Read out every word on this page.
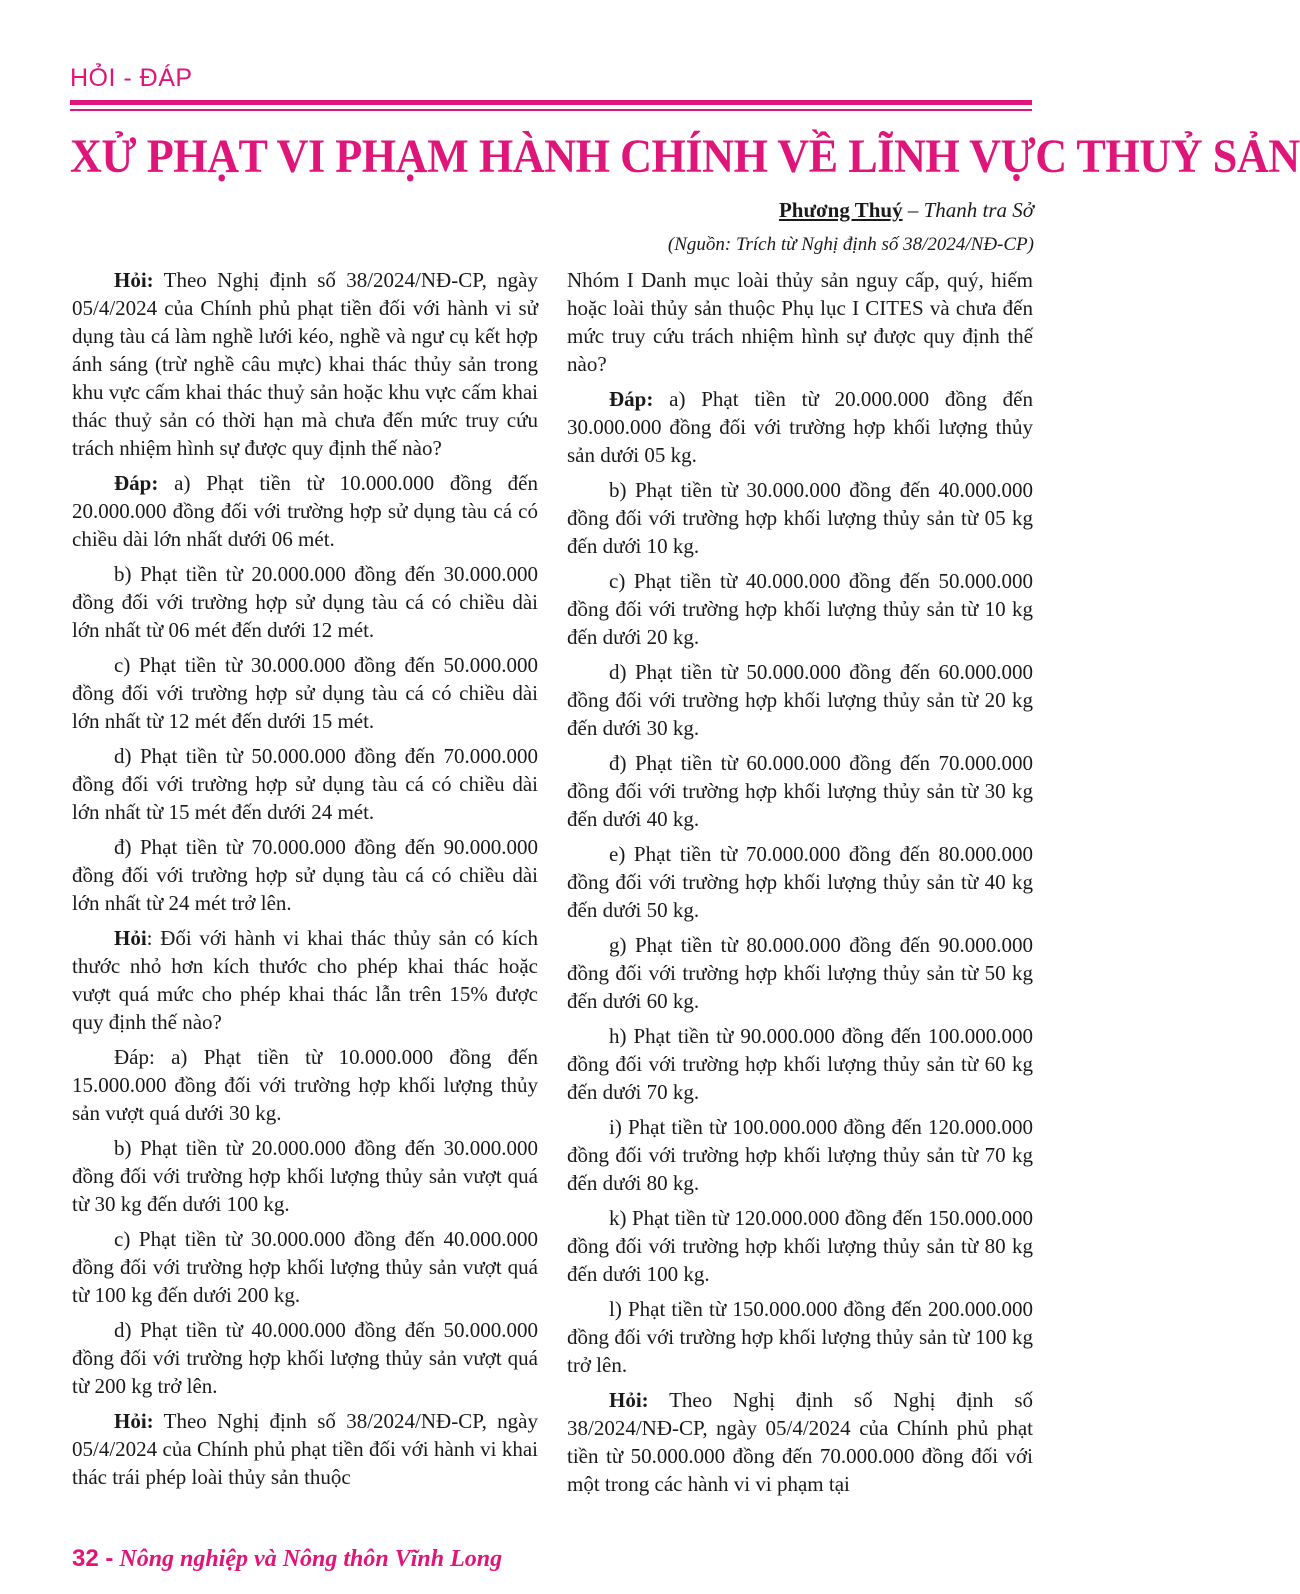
HỎI - ĐÁP
XỬ PHẠT VI PHẠM HÀNH CHÍNH VỀ LĨNH VỰC THUỶ SẢN
Phương Thuý – Thanh tra Sở
(Nguồn: Trích từ Nghị định số 38/2024/NĐ-CP)

Hỏi: Theo Nghị định số 38/2024/NĐ-CP, ngày 05/4/2024 của Chính phủ phạt tiền đối với hành vi sử dụng tàu cá làm nghề lưới kéo, nghề và ngư cụ kết hợp ánh sáng (trừ nghề câu mực) khai thác thủy sản trong khu vực cấm khai thác thuỷ sản hoặc khu vực cấm khai thác thuỷ sản có thời hạn mà chưa đến mức truy cứu trách nhiệm hình sự được quy định thế nào?

Đáp: a) Phạt tiền từ 10.000.000 đồng đến 20.000.000 đồng đối với trường hợp sử dụng tàu cá có chiều dài lớn nhất dưới 06 mét.

b) Phạt tiền từ 20.000.000 đồng đến 30.000.000 đồng đối với trường hợp sử dụng tàu cá có chiều dài lớn nhất từ 06 mét đến dưới 12 mét.

c) Phạt tiền từ 30.000.000 đồng đến 50.000.000 đồng đối với trường hợp sử dụng tàu cá có chiều dài lớn nhất từ 12 mét đến dưới 15 mét.

d) Phạt tiền từ 50.000.000 đồng đến 70.000.000 đồng đối với trường hợp sử dụng tàu cá có chiều dài lớn nhất từ 15 mét đến dưới 24 mét.

đ) Phạt tiền từ 70.000.000 đồng đến 90.000.000 đồng đối với trường hợp sử dụng tàu cá có chiều dài lớn nhất từ 24 mét trở lên.

Hỏi: Đối với hành vi khai thác thủy sản có kích thước nhỏ hơn kích thước cho phép khai thác hoặc vượt quá mức cho phép khai thác lẫn trên 15% được quy định thế nào?

Đáp: a) Phạt tiền từ 10.000.000 đồng đến 15.000.000 đồng đối với trường hợp khối lượng thủy sản vượt quá dưới 30 kg.

b) Phạt tiền từ 20.000.000 đồng đến 30.000.000 đồng đối với trường hợp khối lượng thủy sản vượt quá từ 30 kg đến dưới 100 kg.

c) Phạt tiền từ 30.000.000 đồng đến 40.000.000 đồng đối với trường hợp khối lượng thủy sản vượt quá từ 100 kg đến dưới 200 kg.

d) Phạt tiền từ 40.000.000 đồng đến 50.000.000 đồng đối với trường hợp khối lượng thủy sản vượt quá từ 200 kg trở lên.

Hỏi: Theo Nghị định số 38/2024/NĐ-CP, ngày 05/4/2024 của Chính phủ phạt tiền đối với hành vi khai thác trái phép loài thủy sản thuộc

Nhóm I Danh mục loài thủy sản nguy cấp, quý, hiếm hoặc loài thủy sản thuộc Phụ lục I CITES và chưa đến mức truy cứu trách nhiệm hình sự được quy định thế nào?

Đáp: a) Phạt tiền từ 20.000.000 đồng đến 30.000.000 đồng đối với trường hợp khối lượng thủy sản dưới 05 kg.

b) Phạt tiền từ 30.000.000 đồng đến 40.000.000 đồng đối với trường hợp khối lượng thủy sản từ 05 kg đến dưới 10 kg.

c) Phạt tiền từ 40.000.000 đồng đến 50.000.000 đồng đối với trường hợp khối lượng thủy sản từ 10 kg đến dưới 20 kg.

d) Phạt tiền từ 50.000.000 đồng đến 60.000.000 đồng đối với trường hợp khối lượng thủy sản từ 20 kg đến dưới 30 kg.

đ) Phạt tiền từ 60.000.000 đồng đến 70.000.000 đồng đối với trường hợp khối lượng thủy sản từ 30 kg đến dưới 40 kg.

e) Phạt tiền từ 70.000.000 đồng đến 80.000.000 đồng đối với trường hợp khối lượng thủy sản từ 40 kg đến dưới 50 kg.

g) Phạt tiền từ 80.000.000 đồng đến 90.000.000 đồng đối với trường hợp khối lượng thủy sản từ 50 kg đến dưới 60 kg.

h) Phạt tiền từ 90.000.000 đồng đến 100.000.000 đồng đối với trường hợp khối lượng thủy sản từ 60 kg đến dưới 70 kg.

i) Phạt tiền từ 100.000.000 đồng đến 120.000.000 đồng đối với trường hợp khối lượng thủy sản từ 70 kg đến dưới 80 kg.

k) Phạt tiền từ 120.000.000 đồng đến 150.000.000 đồng đối với trường hợp khối lượng thủy sản từ 80 kg đến dưới 100 kg.

l) Phạt tiền từ 150.000.000 đồng đến 200.000.000 đồng đối với trường hợp khối lượng thủy sản từ 100 kg trở lên.

Hỏi: Theo Nghị định số Nghị định số 38/2024/NĐ-CP, ngày 05/4/2024 của Chính phủ phạt tiền từ 50.000.000 đồng đến 70.000.000 đồng đối với một trong các hành vi vi phạm tại

32 - Nông nghiệp và Nông thôn Vĩnh Long
